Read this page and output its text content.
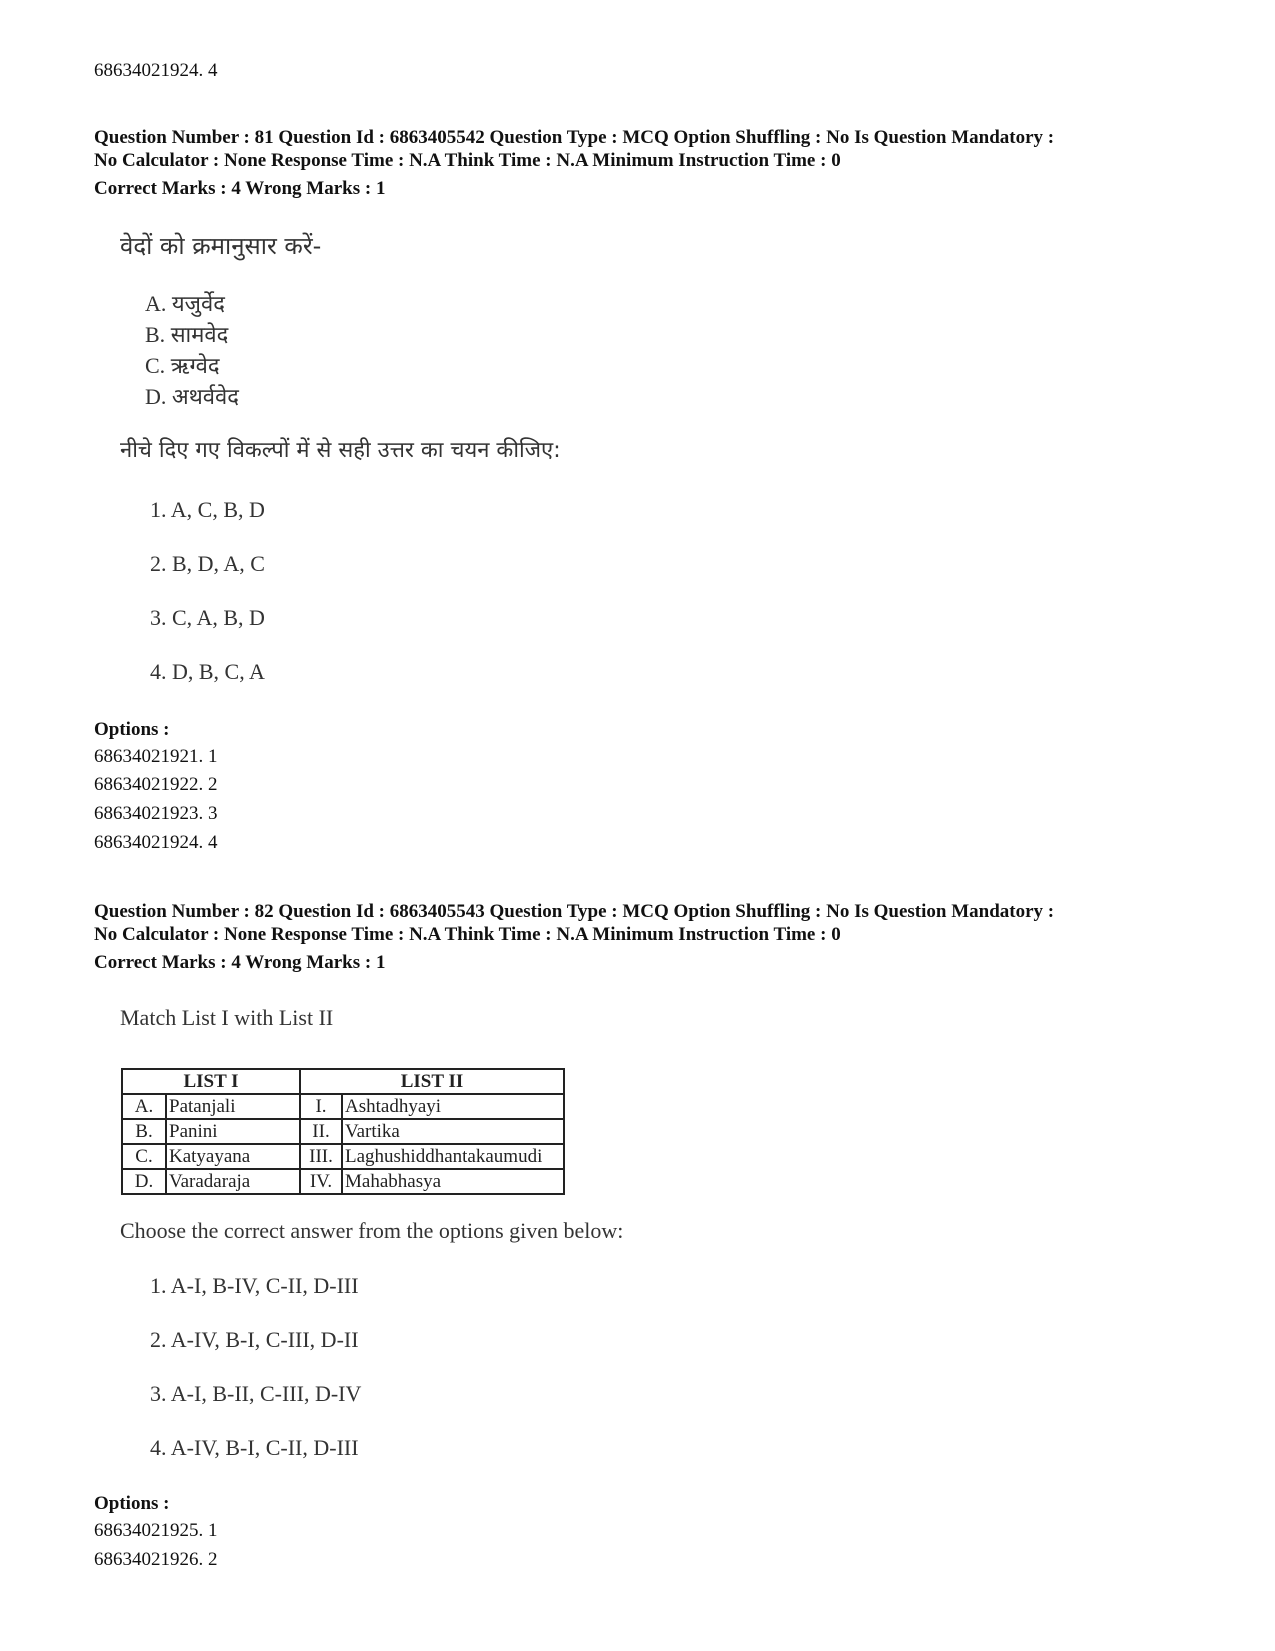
68634021924. 4
Question Number : 81 Question Id : 6863405542 Question Type : MCQ Option Shuffling : No Is Question Mandatory :
No Calculator : None Response Time : N.A Think Time : N.A Minimum Instruction Time : 0
Correct Marks : 4 Wrong Marks : 1
वेदों को क्रमानुसार करें-
A. यजुर्वेद
B. सामवेद
C. ऋग्वेद
D. अथर्ववेद
नीचे दिए गए विकल्पों में से सही उत्तर का चयन कीजिए:
1. A, C, B, D
2. B, D, A, C
3. C, A, B, D
4. D, B, C, A
Options :
68634021921. 1
68634021922. 2
68634021923. 3
68634021924. 4
Question Number : 82 Question Id : 6863405543 Question Type : MCQ Option Shuffling : No Is Question Mandatory :
No Calculator : None Response Time : N.A Think Time : N.A Minimum Instruction Time : 0
Correct Marks : 4 Wrong Marks : 1
Match List I with List II
LIST I		LIST II	
A.	Patanjali	I.	Ashtadhyayi
B.	Panini	II.	Vartika
C.	Katyayana	III.	Laghushiddhantakaumudi
D.	Varadaraja	IV.	Mahabhasya
Choose the correct answer from the options given below:
1. A-I, B-IV, C-II, D-III
2. A-IV, B-I, C-III, D-II
3. A-I, B-II, C-III, D-IV
4. A-IV, B-I, C-II, D-III
Options :
68634021925. 1
68634021926. 2
